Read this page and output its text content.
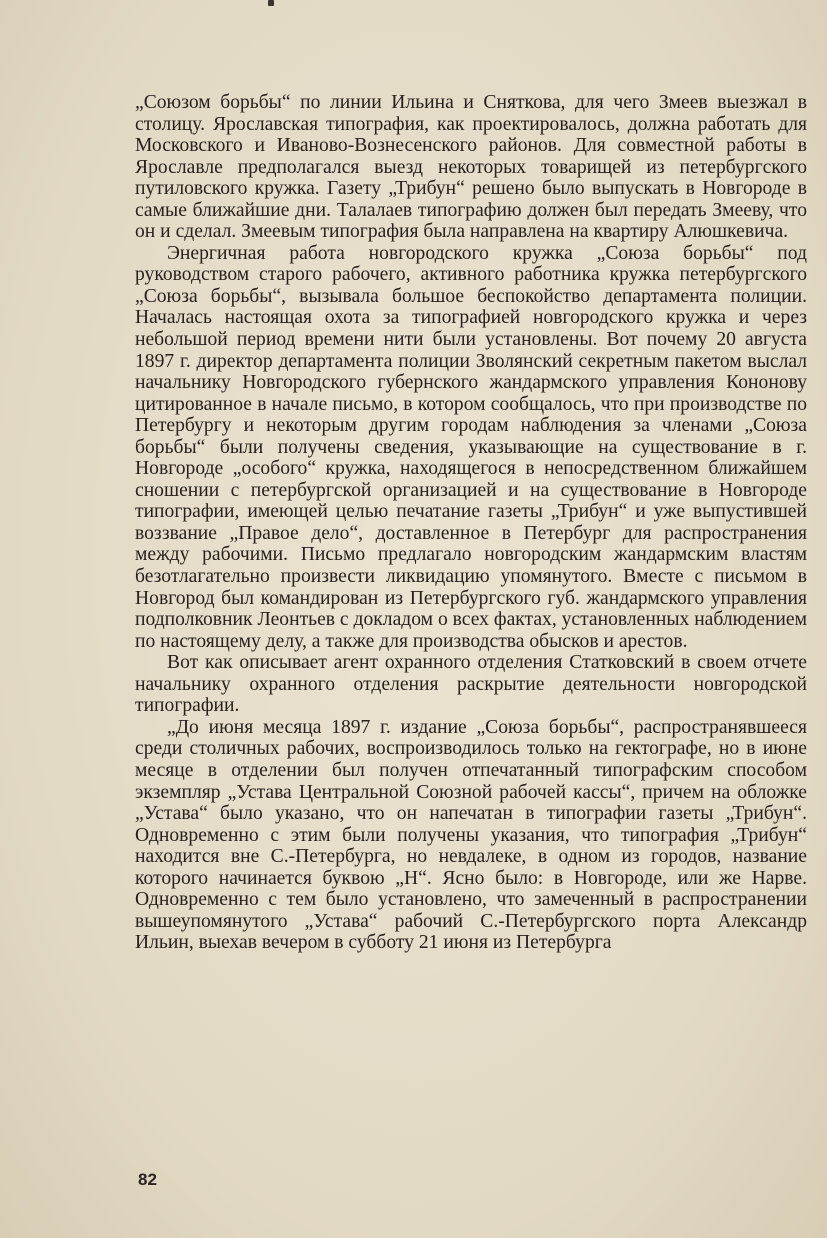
„Союзом борьбы“ по линии Ильина и Сняткова, для чего Змеев выезжал в столицу. Ярославская типография, как проектировалось, должна работать для Московского и Иваново-Вознесенского районов. Для совместной работы в Ярославле предполагался выезд некоторых товарищей из петербургского путиловского кружка. Газету „Трибун“ решено было выпускать в Новгороде в самые ближайшие дни. Талалаев типографию должен был передать Змееву, что он и сделал. Змеевым типография была направлена на квартиру Алюшкевича.

Энергичная работа новгородского кружка „Союза борьбы“ под руководством старого рабочего, активного работника кружка петербургского „Союза борьбы“, вызывала большое беспокойство департамента полиции. Началась настоящая охота за типографией новгородского кружка и через небольшой период времени нити были установлены. Вот почему 20 августа 1897 г. директор департамента полиции Зволянский секретным пакетом выслал начальнику Новгородского губернского жандармского управления Кононову цитированное в начале письмо, в котором сообщалось, что при производстве по Петербургу и некоторым другим городам наблюдения за членами „Союза борьбы“ были получены сведения, указывающие на существование в г. Новгороде „особого“ кружка, находящегося в непосредственном ближайшем сношении с петербургской организацией и на существование в Новгороде типографии, имеющей целью печатание газеты „Трибун“ и уже выпустившей воззвание „Правое дело“, доставленное в Петербург для распространения между рабочими. Письмо предлагало новгородским жандармским властям безотлагательно произвести ликвидацию упомянутого. Вместе с письмом в Новгород был командирован из Петербургского губ. жандармского управления подполковник Леонтьев с докладом о всех фактах, установленных наблюдением по настоящему делу, а также для производства обысков и арестов.

Вот как описывает агент охранного отделения Статковский в своем отчете начальнику охранного отделения раскрытие деятельности новгородской типографии.

„До июня месяца 1897 г. издание „Союза борьбы“, распространявшееся среди столичных рабочих, воспроизводилось только на гектографе, но в июне месяце в отделении был получен отпечатанный типографским способом экземпляр „Устава Центральной Союзной рабочей кассы“, причем на обложке „Устава“ было указано, что он напечатан в типографии газеты „Трибун“. Одновременно с этим были получены указания, что типография „Трибун“ находится вне С.-Петербурга, но невдалеке, в одном из городов, название которого начинается буквою „Н“. Ясно было: в Новгороде, или же Нарве. Одновременно с тем было установлено, что замеченный в распространении вышеупомянутого „Устава“ рабочий С.-Петербургского порта Александр Ильин, выехав вечером в субботу 21 июня из Петербурга

82
